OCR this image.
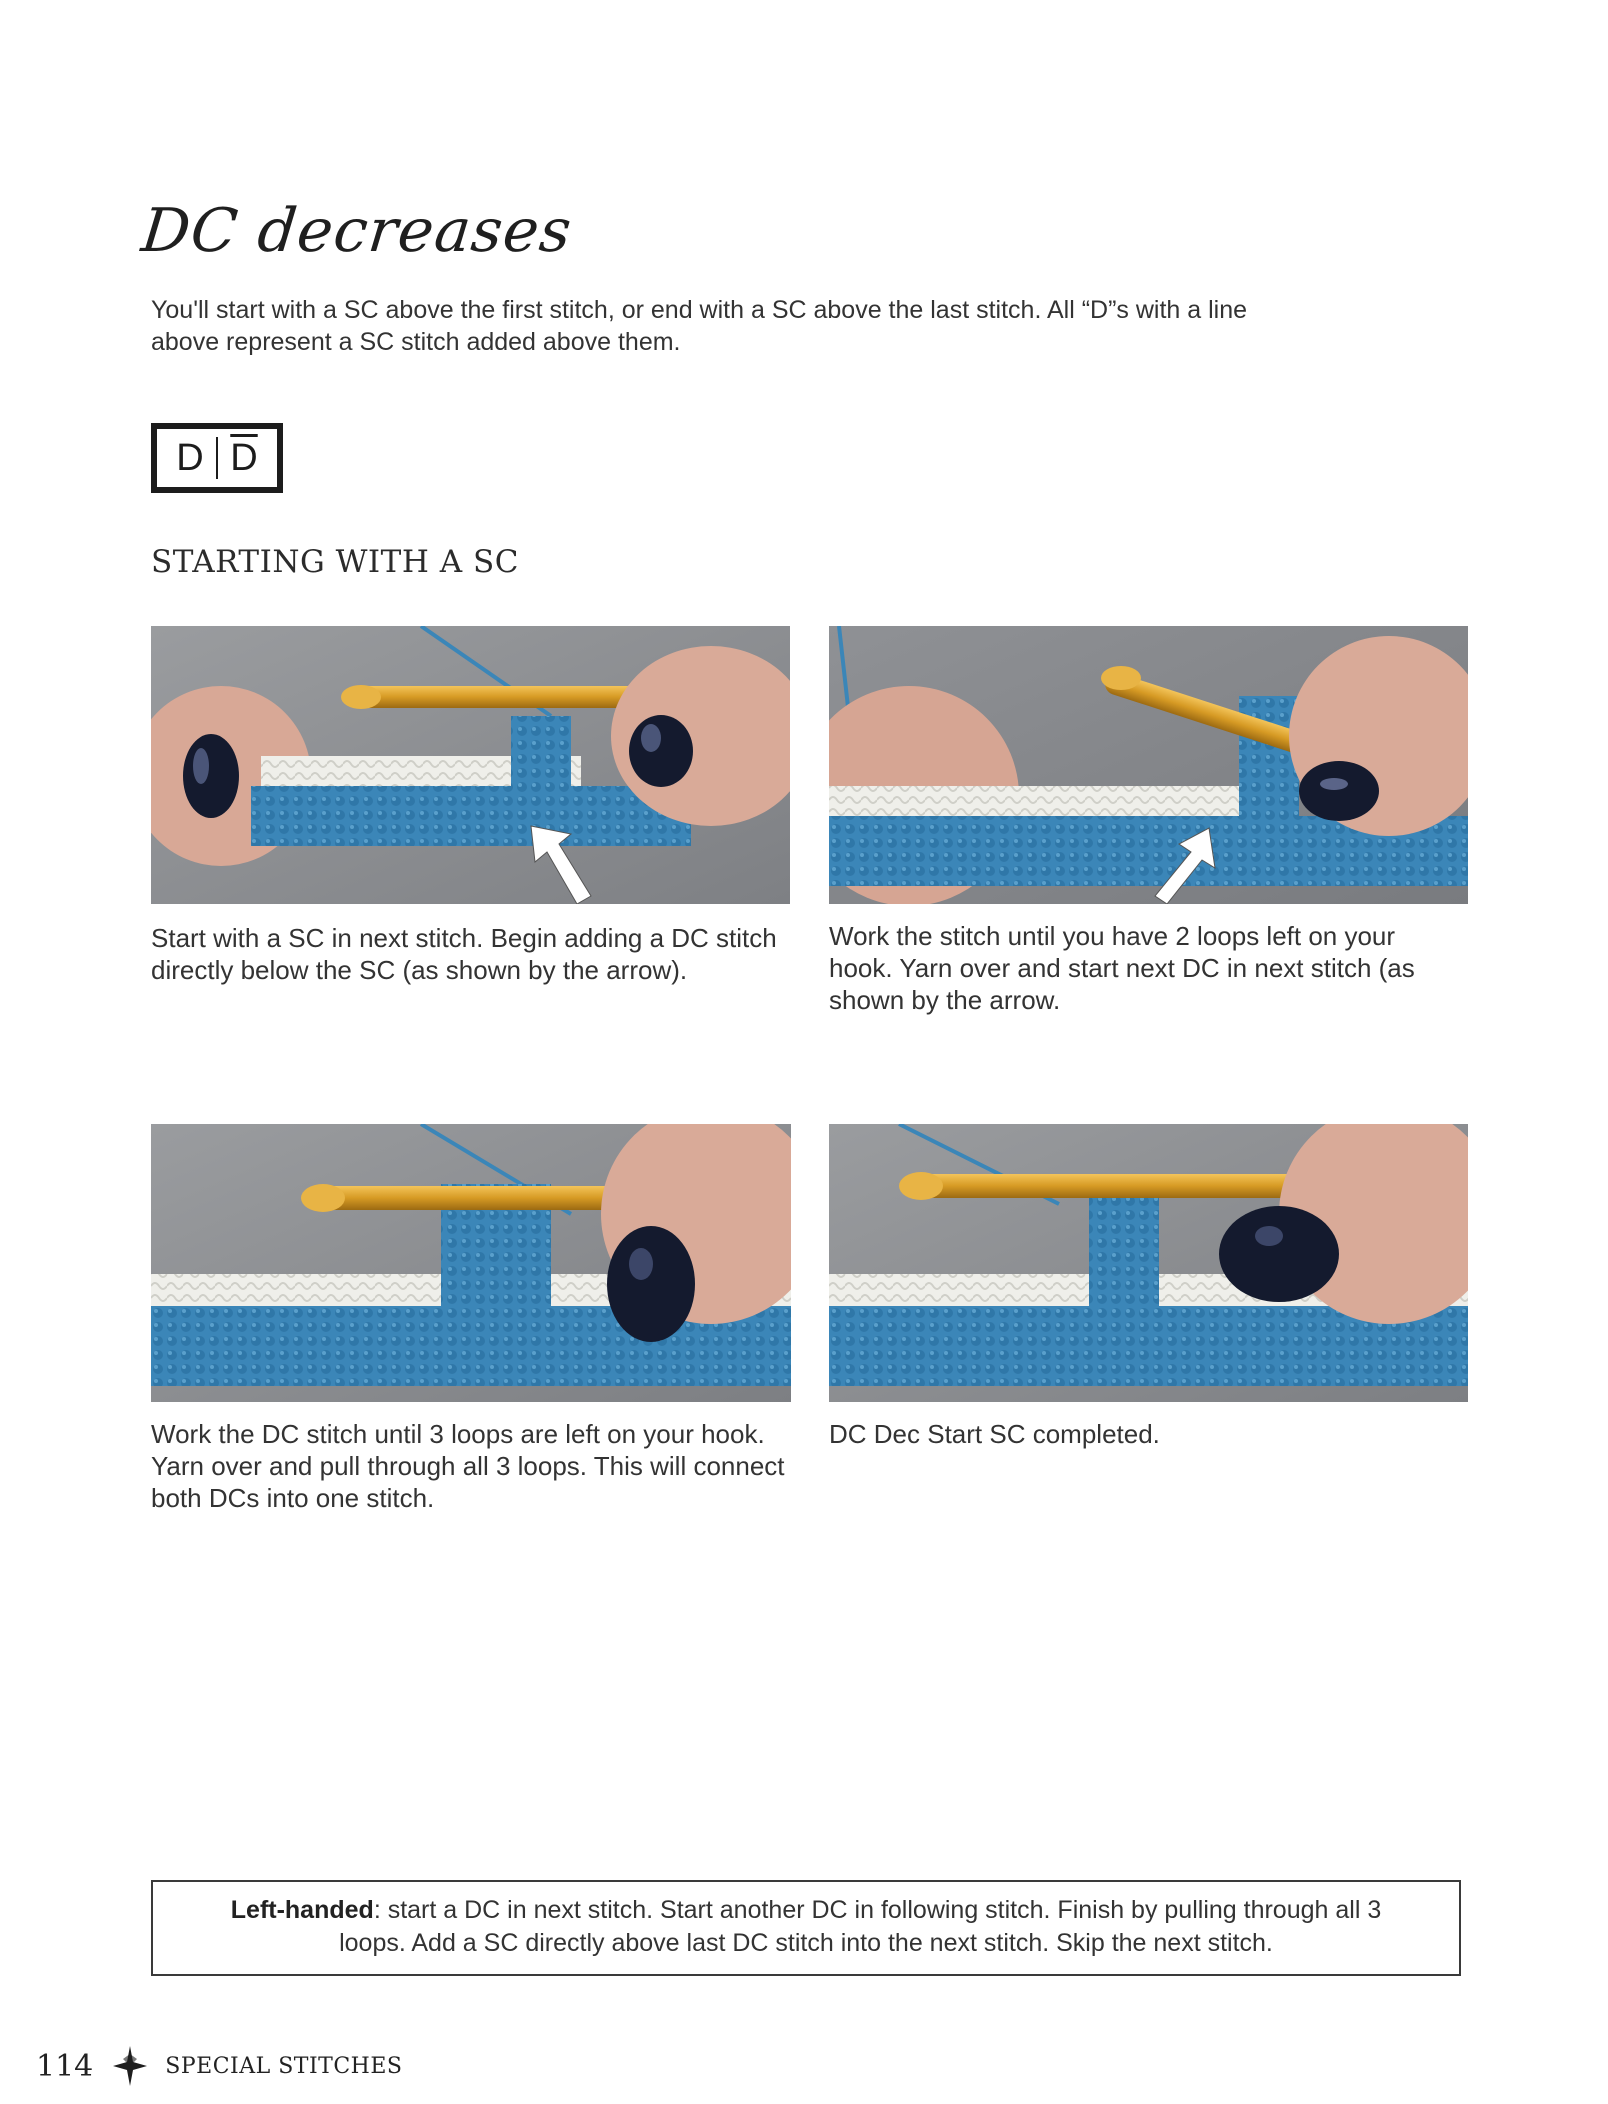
DC decreases
You'll start with a SC above the first stitch, or end with a SC above the last stitch. All “D”s with a line above represent a SC stitch added above them.
D $\overline{D}$
STARTING WITH A SC
Start with a SC in next stitch. Begin adding a DC stitch directly below the SC (as shown by the arrow).
Work the stitch until you have 2 loops left on your hook. Yarn over and start next DC in next stitch (as shown by the arrow.
Work the DC stitch until 3 loops are left on your hook. Yarn over and pull through all 3 loops. This will connect both DCs into one stitch.
DC Dec Start SC completed.
Left-handed: start a DC in next stitch. Start another DC in following stitch. Finish by pulling through all 3 loops. Add a SC directly above last DC stitch into the next stitch. Skip the next stitch.
114	SPECIAL STITCHES
